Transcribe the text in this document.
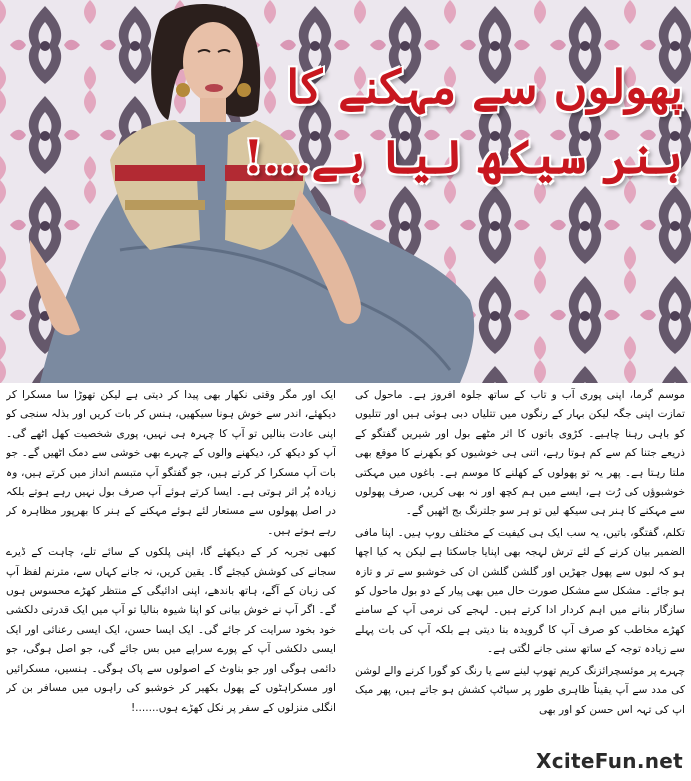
پھولوں سے مہکنے کا
ہنر سیکھ لیا ہے...!

موسم گرما، اپنی پوری آب و تاب کے ساتھ جلوہ افروز ہے۔ ماحول کی تمازت اپنی جگہ لیکن بہار کے رنگوں میں تتلیاں دبی ہوئی ہیں اور تتلیوں کو باہی رہنا چاہیے۔ کڑوی باتوں کا اثر مٹھے بول اور شیریں گفتگو کے ذریعے جتنا کم سے کم ہوتا رہے، اتنی ہی خوشیوں کو بکھرنے کا موقع بھی ملتا رہتا ہے۔ پھر یہ تو پھولوں کے کھلنے کا موسم ہے۔ باغوں میں مہکتی خوشبوؤں کی رُت ہے، ایسے میں ہم کچھ اور نہ بھی کریں، صرف پھولوں سے مہکنے کا ہنر ہی سیکھ لیں تو ہر سو جلترنگ بج اٹھیں گے۔

تکلم، گفتگو، باتیں، یہ سب ایک ہی کیفیت کے مختلف روپ ہیں۔ اپنا مافی الضمیر بیان کرنے کے لئے ترش لہجہ بھی اپنایا جاسکتا ہے لیکن یہ کیا اچھا ہو کہ لبوں سے پھول جھڑیں اور گلشن گلشن ان کی خوشبو سے تر و تازہ ہو جائے۔ مشکل سے مشکل صورت حال میں بھی پیار کے دو بول ماحول کو سازگار بنانے میں اہم کردار ادا کرتے ہیں۔ لہجے کی نرمی آپ کے سامنے کھڑے مخاطب کو صرف آپ کا گرویدہ بنا دیتی ہے بلکہ آپ کی بات پہلے سے زیادہ توجہ کے ساتھ سنی جانے لگتی ہے۔

چہرے پر موئسچرائزنگ کریم تھوپ لینے سے یا رنگ کو گورا کرنے والے لوشن کی مدد سے آپ یقیناً ظاہری طور پر سیاٹپ کشش ہو جاتے ہیں، پھر میک اپ کی تہہ اس حسن کو اور بھی

ایک اور مگر وقتی نکھار بھی پیدا کر دیتی ہے لیکن تھوڑا سا مسکرا کر دیکھئے، اندر سے خوش ہونا سیکھیں، ہنس کر بات کریں اور بذلہ سنجی کو اپنی عادت بنالیں تو آپ کا چہرہ ہی نہیں، پوری شخصیت کھل اٹھے گی۔ آپ کو دیکھ کر، دیکھنے والوں کے چہرے بھی خوشی سے دمک اٹھیں گے۔ جو بات آپ مسکرا کر کرتے ہیں، جو گفتگو آپ متبسم انداز میں کرتے ہیں، وہ زیادہ پُر اثر ہوتی ہے۔ ایسا کرتے ہوئے آپ صرف بول نہیں رہے ہوتے بلکہ در اصل پھولوں سے مستعار لئے ہوئے مہکنے کے ہنر کا بھرپور مظاہرہ کر رہے ہوتے ہیں۔

کبھی تجربہ کر کے دیکھئے گا، اپنی پلکوں کے سائے تلے، چاہت کے ڈیرے سجانے کی کوشش کیجئے گا۔ یقین کریں، نہ جانے کہاں سے، مترنم لفظ آپ کی زبان کے آگے، ہاتھ باندھے، اپنی ادائیگی کے منتظر کھڑے محسوس ہوں گے۔ اگر آپ نے خوش بیانی کو اپنا شیوہ بنالیا تو آپ میں ایک قدرتی دلکشی خود بخود سرایت کر جائے گی۔ ایک ایسا حسن، ایک ایسی رعنائی اور ایک ایسی دلکشی آپ کے پورے سراپے میں بس جائے گی، جو اصل ہوگی، جو دائمی ہوگی اور جو بناوٹ کے اصولوں سے پاک ہوگی۔ ہنسیں، مسکرائیں اور مسکراہٹوں کے پھول بکھیر کر خوشبو کی راہوں میں مسافر بن کر انگلی منزلوں کے سفر پر نکل کھڑے ہوں.......!

XciteFun.net
